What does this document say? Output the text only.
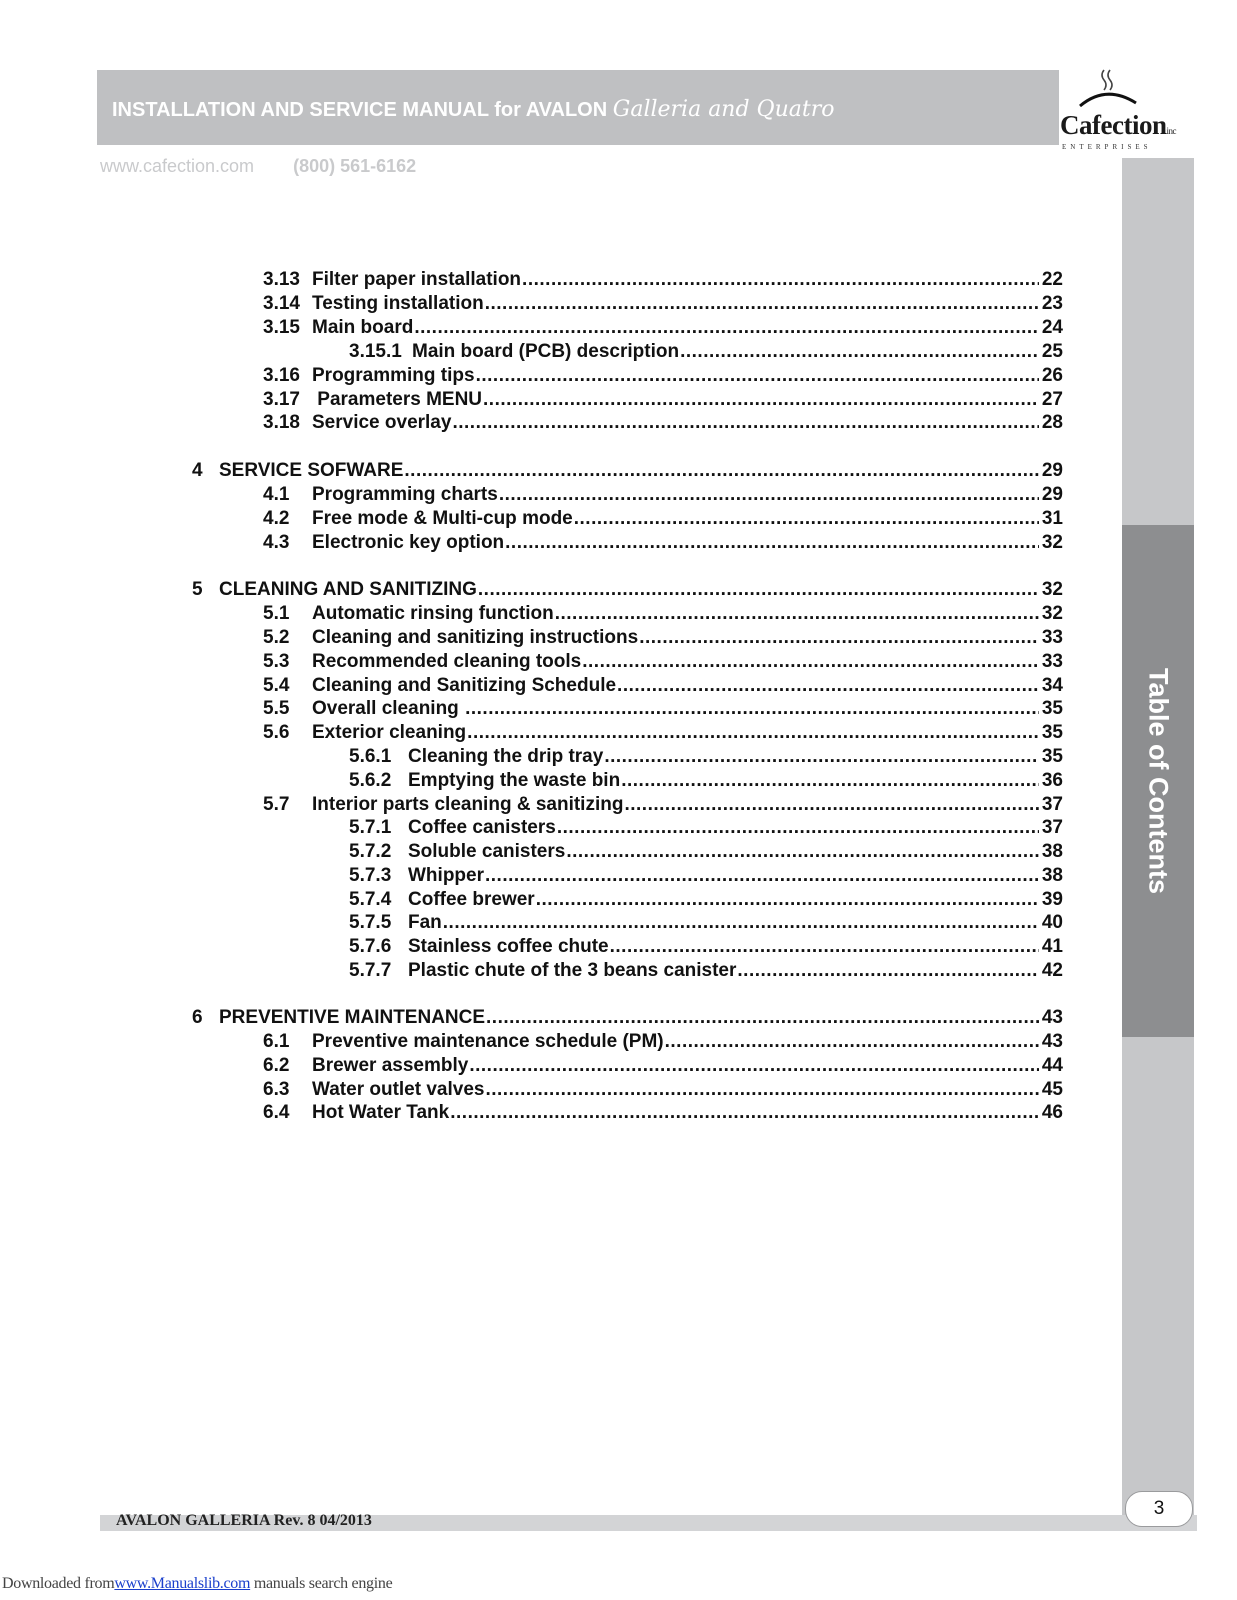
INSTALLATION AND SERVICE MANUAL for AVALON Galleria and Quatro
Cafectioninc
ENTERPRISES
www.cafection.com (800) 561-6162
Table of Contents
3.13 Filter paper installation .....	22
3.14 Testing installation .....	23
3.15 Main board .....	24
3.15.1 Main board (PCB) description .....	25
3.16 Programming tips .....	26
3.17 Parameters MENU .....	27
3.18 Service overlay .....	28
4 SERVICE SOFWARE .....	29
4.1	Programming charts .....	29
4.2	Free mode & Multi-cup mode .....	31
4.3	Electronic key option .....	32
5 CLEANING AND SANITIZING .....	32
5.1	Automatic rinsing function .....	32
5.2	Cleaning and sanitizing instructions .....	33
5.3	Recommended cleaning tools .....	33
5.4	Cleaning and Sanitizing Schedule .....	34
5.5	Overall cleaning .....	35
5.6	Exterior cleaning .....	35
5.6.1 Cleaning the drip tray .....	35
5.6.2 Emptying the waste bin .....	36
5.7	Interior parts cleaning & sanitizing .....	37
5.7.1 Coffee canisters .....	37
5.7.2 Soluble canisters .....	38
5.7.3 Whipper .....	38
5.7.4 Coffee brewer .....	39
5.7.5 Fan .....	40
5.7.6 Stainless coffee chute .....	41
5.7.7 Plastic chute of the 3 beans canister .....	42
6 PREVENTIVE MAINTENANCE .....	43
6.1	Preventive maintenance schedule (PM) .....	43
6.2	Brewer assembly .....	44
6.3	Water outlet valves .....	45
6.4	Hot Water Tank .....	46
AVALON GALLERIA Rev. 8 04/2013
3
Downloaded fromwww.Manualslib.com manuals search engine
